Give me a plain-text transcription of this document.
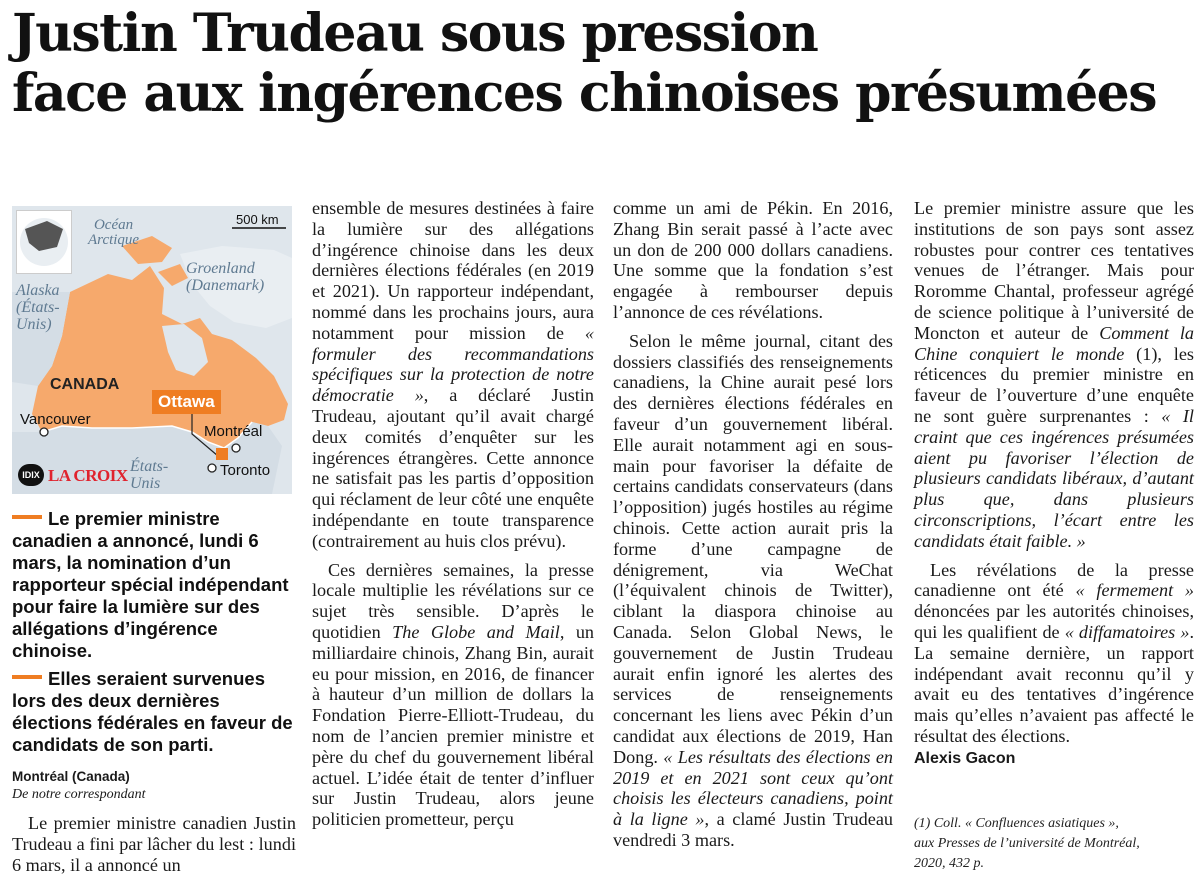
Justin Trudeau sous pression
face aux ingérences chinoises présumées
Océan
Arctique
500 km
Groenland
(Danemark)
Alaska
(États-
Unis)
CANADA
Ottawa
Vancouver
Montréal
Toronto
États-
Unis
IDIX LA CROIX

Le premier ministre canadien a annoncé, lundi 6 mars, la nomination d’un rapporteur spécial indépendant pour faire la lumière sur des allégations d’ingérence chinoise.

Elles seraient survenues lors des deux dernières élections fédérales en faveur de candidats de son parti.

Montréal (Canada)
De notre correspondant

Le premier ministre canadien Justin Trudeau a fini par lâcher du lest : lundi 6 mars, il a annoncé un

ensemble de mesures destinées à faire la lumière sur des allégations d’ingérence chinoise dans les deux dernières élections fédérales (en 2019 et 2021). Un rapporteur indépendant, nommé dans les prochains jours, aura notamment pour mission de « formuler des recommandations spécifiques sur la protection de notre démocratie », a déclaré Justin Trudeau, ajoutant qu’il avait chargé deux comités d’enquêter sur les ingérences étrangères. Cette annonce ne satisfait pas les partis d’opposition qui réclament de leur côté une enquête indépendante en toute transparence (contrairement au huis clos prévu).

Ces dernières semaines, la presse locale multiplie les révélations sur ce sujet très sensible. D’après le quotidien The Globe and Mail, un milliardaire chinois, Zhang Bin, aurait eu pour mission, en 2016, de financer à hauteur d’un million de dollars la Fondation Pierre-Elliott-Trudeau, du nom de l’ancien premier ministre et père du chef du gouvernement libéral actuel. L’idée était de tenter d’influer sur Justin Trudeau, alors jeune politicien prometteur, perçu

comme un ami de Pékin. En 2016, Zhang Bin serait passé à l’acte avec un don de 200 000 dollars canadiens. Une somme que la fondation s’est engagée à rembourser depuis l’annonce de ces révélations.

Selon le même journal, citant des dossiers classifiés des renseignements canadiens, la Chine aurait pesé lors des dernières élections fédérales en faveur d’un gouvernement libéral. Elle aurait notamment agi en sous-main pour favoriser la défaite de certains candidats conservateurs (dans l’opposition) jugés hostiles au régime chinois. Cette action aurait pris la forme d’une campagne de dénigrement, via WeChat (l’équivalent chinois de Twitter), ciblant la diaspora chinoise au Canada. Selon Global News, le gouvernement de Justin Trudeau aurait enfin ignoré les alertes des services de renseignements concernant les liens avec Pékin d’un candidat aux élections de 2019, Han Dong. « Les résultats des élections en 2019 et en 2021 sont ceux qu’ont choisis les électeurs canadiens, point à la ligne », a clamé Justin Trudeau vendredi 3 mars.

Le premier ministre assure que les institutions de son pays sont assez robustes pour contrer ces tentatives venues de l’étranger. Mais pour Roromme Chantal, professeur agrégé de science politique à l’université de Moncton et auteur de Comment la Chine conquiert le monde (1), les réticences du premier ministre en faveur de l’ouverture d’une enquête ne sont guère surprenantes : « Il craint que ces ingérences présumées aient pu favoriser l’élection de plusieurs candidats libéraux, d’autant plus que, dans plusieurs circonscriptions, l’écart entre les candidats était faible. »

Les révélations de la presse canadienne ont été « fermement » dénoncées par les autorités chinoises, qui les qualifient de « diffamatoires ». La semaine dernière, un rapport indépendant avait reconnu qu’il y avait eu des tentatives d’ingérence mais qu’elles n’avaient pas affecté le résultat des élections.

Alexis Gacon

(1) Coll. « Confluences asiatiques »,

aux Presses de l’université de Montréal,

2020, 432 p.
